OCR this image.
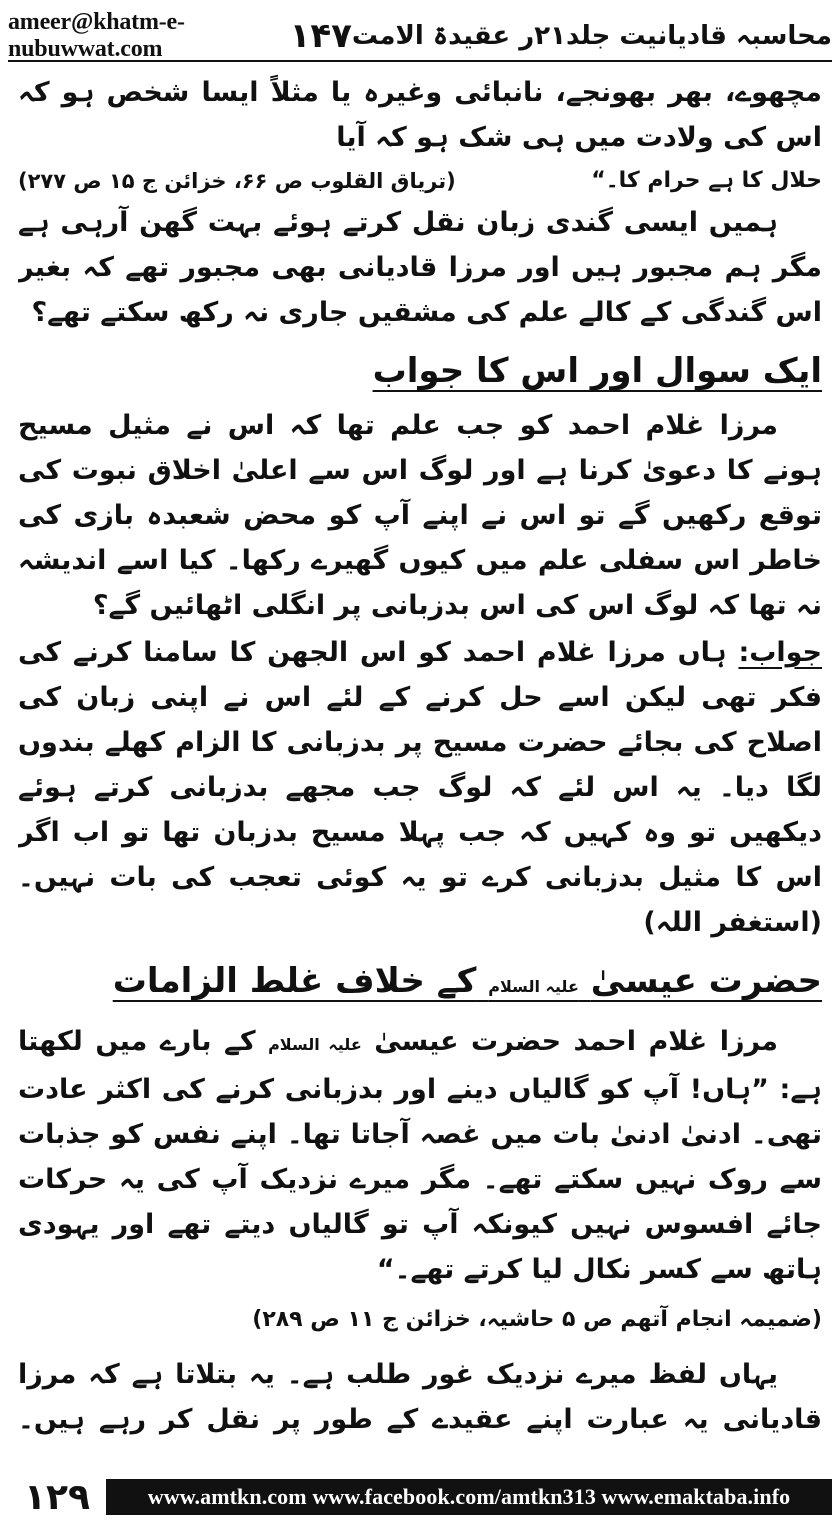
ameer@khatm-e-nubuwwat.com	۱۴۷ محاسبہ قادیانیت جلد۲۱ر عقیدۃ الامت

مچھوے، بھر بھونجے، نانبائی وغیرہ یا مثلاً ایسا شخص ہو کہ اس کی ولادت میں ہی شک ہو کہ آیا

حلال کا ہے حرام کا۔“
(تریاق القلوب ص ۶۶، خزائن ج ۱۵ ص ۲۷۷)

ہمیں ایسی گندی زبان نقل کرتے ہوئے بہت گھن آرہی ہے مگر ہم مجبور ہیں اور مرزا قادیانی بھی مجبور تھے کہ بغیر اس گندگی کے کالے علم کی مشقیں جاری نہ رکھ سکتے تھے؟

ایک سوال اور اس کا جواب

مرزا غلام احمد کو جب علم تھا کہ اس نے مثیل مسیح ہونے کا دعویٰ کرنا ہے اور لوگ اس سے اعلیٰ اخلاق نبوت کی توقع رکھیں گے تو اس نے اپنے آپ کو محض شعبدہ بازی کی خاطر اس سفلی علم میں کیوں گھیرے رکھا۔ کیا اسے اندیشہ نہ تھا کہ لوگ اس کی اس بدزبانی پر انگلی اٹھائیں گے؟

جواب: ہاں مرزا غلام احمد کو اس الجھن کا سامنا کرنے کی فکر تھی لیکن اسے حل کرنے کے لئے اس نے اپنی زبان کی اصلاح کی بجائے حضرت مسیح پر بدزبانی کا الزام کھلے بندوں لگا دیا۔ یہ اس لئے کہ لوگ جب مجھے بدزبانی کرتے ہوئے دیکھیں تو وہ کہیں کہ جب پہلا مسیح بدزبان تھا تو اب اگر اس کا مثیل بدزبانی کرے تو یہ کوئی تعجب کی بات نہیں۔ (استغفر اللہ)

حضرت عیسیٰ علیہ السلام کے خلاف غلط الزامات

مرزا غلام احمد حضرت عیسیٰ علیہ السلام کے بارے میں لکھتا ہے: ”ہاں! آپ کو گالیاں دینے اور بدزبانی کرنے کی اکثر عادت تھی۔ ادنیٰ ادنیٰ بات میں غصہ آجاتا تھا۔ اپنے نفس کو جذبات سے روک نہیں سکتے تھے۔ مگر میرے نزدیک آپ کی یہ حرکات جائے افسوس نہیں کیونکہ آپ تو گالیاں دیتے تھے اور یہودی ہاتھ سے کسر نکال لیا کرتے تھے۔“

(ضمیمہ انجام آتھم ص ۵ حاشیہ، خزائن ج ۱۱ ص ۲۸۹)

یہاں لفظ میرے نزدیک غور طلب ہے۔ یہ بتلاتا ہے کہ مرزا قادیانی یہ عبارت اپنے عقیدے کے طور پر نقل کر رہے ہیں۔

۱۲۹	www.amtkn.com www.facebook.com/amtkn313 www.emaktaba.info
